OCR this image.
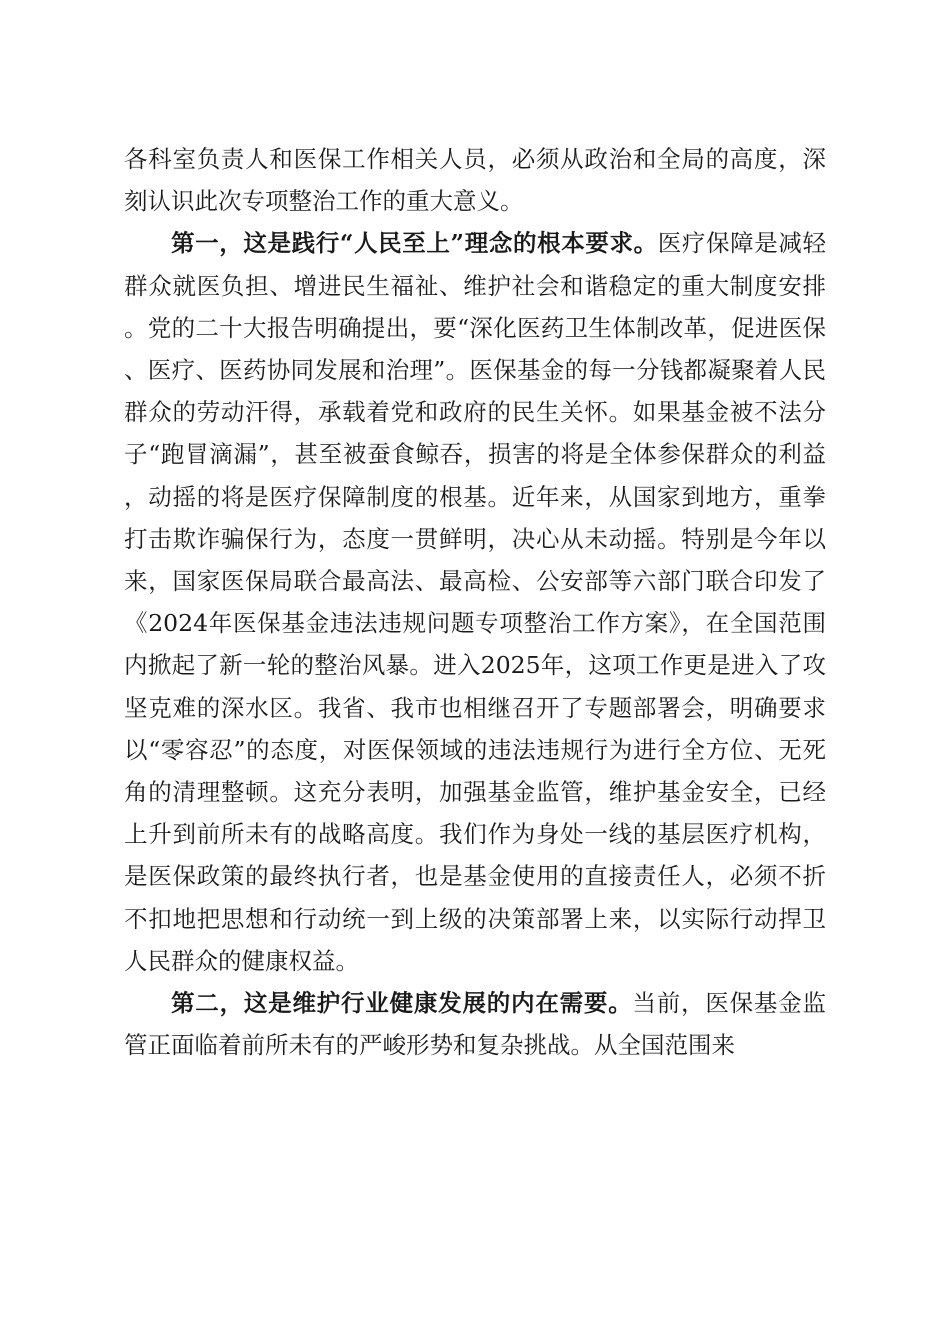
各科室负责人和医保工作相关人员，必须从政治和全局的高度，深刻认识此次专项整治工作的重大意义。

第一，这是践行“人民至上”理念的根本要求。医疗保障是减轻群众就医负担、增进民生福祉、维护社会和谐稳定的重大制度安排。党的二十大报告明确提出，要“深化医药卫生体制改革，促进医保、医疗、医药协同发展和治理”。医保基金的每一分钱都凝聚着人民群众的劳动汗得，承载着党和政府的民生关怀。如果基金被不法分子“跑冒滴漏”，甚至被蚕食鲸吞，损害的将是全体参保群众的利益，动摇的将是医疗保障制度的根基。近年来，从国家到地方，重拳打击欺诈骗保行为，态度一贯鲜明，决心从未动摇。特别是今年以来，国家医保局联合最高法、最高检、公安部等六部门联合印发了《2024年医保基金违法违规问题专项整治工作方案》，在全国范围内掀起了新一轮的整治风暴。进入2025年，这项工作更是进入了攻坚克难的深水区。我省、我市也相继召开了专题部署会，明确要求以“零容忍”的态度，对医保领域的违法违规行为进行全方位、无死角的清理整顿。这充分表明，加强基金监管，维护基金安全，已经上升到前所未有的战略高度。我们作为身处一线的基层医疗机构，是医保政策的最终执行者，也是基金使用的直接责任人，必须不折不扣地把思想和行动统一到上级的决策部署上来，以实际行动捍卫人民群众的健康权益。

第二，这是维护行业健康发展的内在需要。当前，医保基金监管正面临着前所未有的严峻形势和复杂挑战。从全国范围来
